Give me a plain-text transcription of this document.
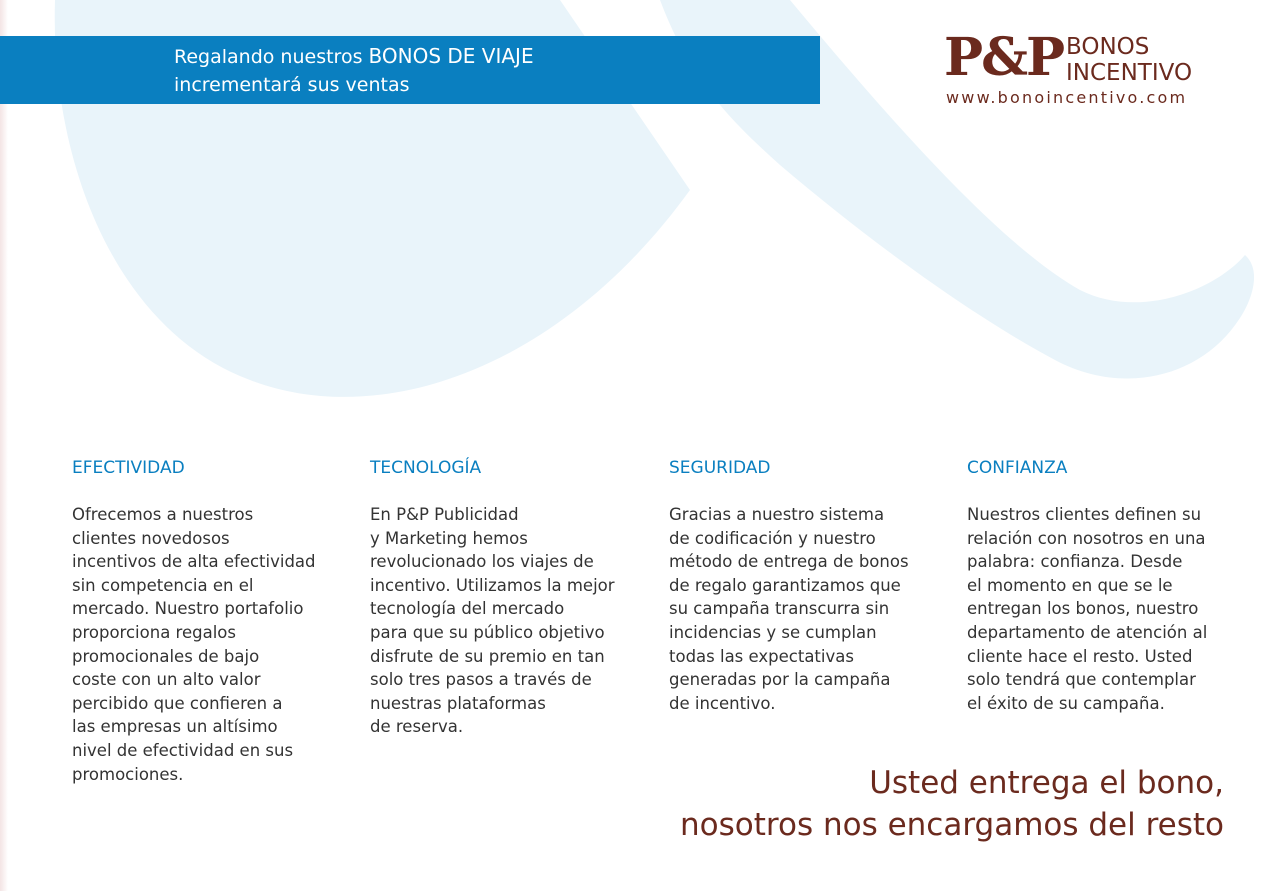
Regalando nuestros BONOS DE VIAJE
incrementará sus ventas	P&P BONOS
INCENTIVO
www.bonoincentivo.com
EFECTIVIDAD
Ofrecemos a nuestros
clientes novedosos
incentivos de alta efectividad
sin competencia en el
mercado. Nuestro portafolio
proporciona regalos
promocionales de bajo
coste con un alto valor
percibido que confieren a
las empresas un altísimo
nivel de efectividad en sus
promociones.
TECNOLOGÍA
En P&P Publicidad
y Marketing hemos
revolucionado los viajes de
incentivo. Utilizamos la mejor
tecnología del mercado
para que su público objetivo
disfrute de su premio en tan
solo tres pasos a través de
nuestras plataformas
de reserva.
SEGURIDAD
Gracias a nuestro sistema
de codificación y nuestro
método de entrega de bonos
de regalo garantizamos que
su campaña transcurra sin
incidencias y se cumplan
todas las expectativas
generadas por la campaña
de incentivo.
CONFIANZA
Nuestros clientes definen su
relación con nosotros en una
palabra: confianza. Desde
el momento en que se le
entregan los bonos, nuestro
departamento de atención al
cliente hace el resto. Usted
solo tendrá que contemplar
el éxito de su campaña.
Usted entrega el bono,
nosotros nos encargamos del resto
